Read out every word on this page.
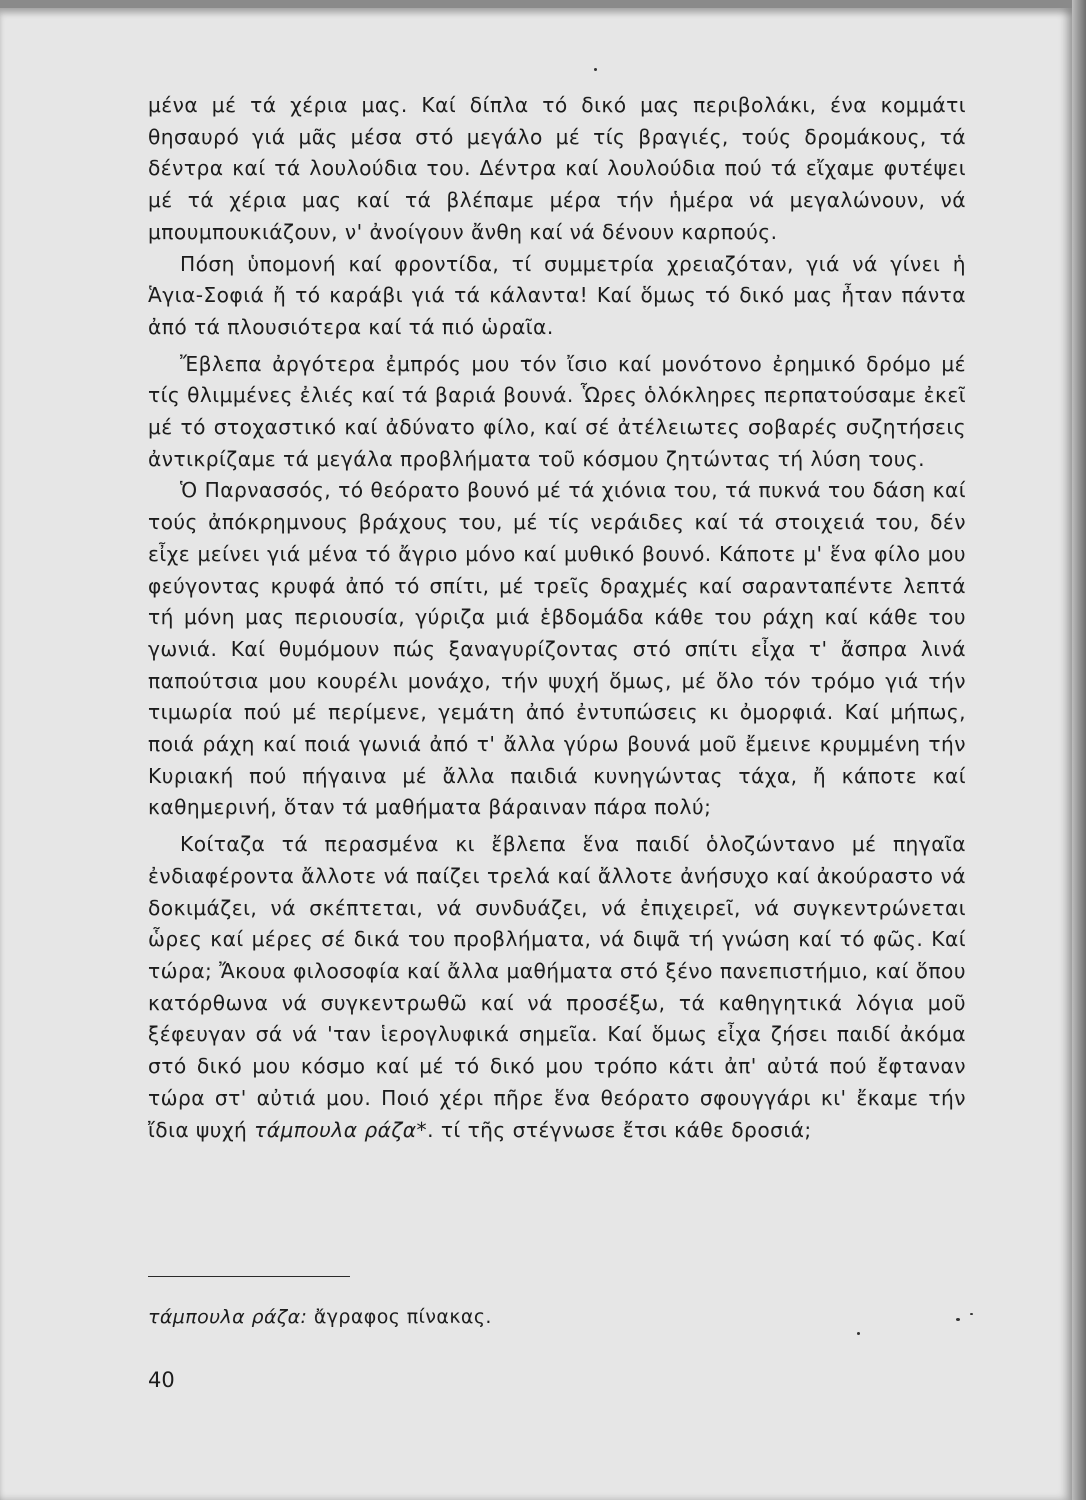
μένα μέ τά χέρια μας. Καί δίπλα τό δικό μας περιβολάκι, ένα κομμάτι θησαυρό γιά μᾶς μέσα στό μεγάλο μέ τίς βραγιές, τούς δρομάκους, τά δέντρα καί τά λουλούδια του. Δέντρα καί λουλούδια πού τά εἴχαμε φυτέψει μέ τά χέρια μας καί τά βλέπαμε μέρα τήν ἡμέρα νά μεγαλώνουν, νά μπουμπουκιάζουν, ν' ἀνοίγουν ἄνθη καί νά δένουν καρπούς.

Πόση ὑπομονή καί φροντίδα, τί συμμετρία χρειαζόταν, γιά νά γίνει ἡ Ἁγια-Σοφιά ἤ τό καράβι γιά τά κάλαντα! Καί ὅμως τό δικό μας ἦταν πάντα ἀπό τά πλουσιότερα καί τά πιό ὡραῖα.

Ἔβλεπα ἀργότερα ἐμπρός μου τόν ἴσιο καί μονότονο ἐρημικό δρόμο μέ τίς θλιμμένες ἐλιές καί τά βαριά βουνά. Ὧρες ὁλόκληρες περπατούσαμε ἐκεῖ μέ τό στοχαστικό καί ἀδύνατο φίλο, καί σέ ἀτέλειωτες σοβαρές συζητήσεις ἀντικρίζαμε τά μεγάλα προβλήματα τοῦ κόσμου ζητώντας τή λύση τους.

Ὁ Παρνασσός, τό θεόρατο βουνό μέ τά χιόνια του, τά πυκνά του δάση καί τούς ἀπόκρημνους βράχους του, μέ τίς νεράιδες καί τά στοιχειά του, δέν εἶχε μείνει γιά μένα τό ἄγριο μόνο καί μυθικό βουνό. Κάποτε μ' ἕνα φίλο μου φεύγοντας κρυφά ἀπό τό σπίτι, μέ τρεῖς δραχμές καί σαρανταπέντε λεπτά τή μόνη μας περιουσία, γύριζα μιά ἑβδομάδα κάθε του ράχη καί κάθε του γωνιά. Καί θυμόμουν πώς ξαναγυρίζοντας στό σπίτι εἶχα τ' ἄσπρα λινά παπούτσια μου κουρέλι μονάχο, τήν ψυχή ὅμως, μέ ὅλο τόν τρόμο γιά τήν τιμωρία πού μέ περίμενε, γεμάτη ἀπό ἐντυπώσεις κι ὀμορφιά. Καί μήπως, ποιά ράχη καί ποιά γωνιά ἀπό τ' ἄλλα γύρω βουνά μοῦ ἔμεινε κρυμμένη τήν Κυριακή πού πήγαινα μέ ἄλλα παιδιά κυνηγώντας τάχα, ἤ κάποτε καί καθημερινή, ὅταν τά μαθήματα βάραιναν πάρα πολύ;

Κοίταζα τά περασμένα κι ἔβλεπα ἕνα παιδί ὁλοζώντανο μέ πηγαῖα ἐνδιαφέροντα ἄλλοτε νά παίζει τρελά καί ἄλλοτε ἀνήσυχο καί ἀκούραστο νά δοκιμάζει, νά σκέπτεται, νά συνδυάζει, νά ἐπιχειρεῖ, νά συγκεντρώνεται ὧρες καί μέρες σέ δικά του προβλήματα, νά διψᾶ τή γνώση καί τό φῶς. Καί τώρα; Ἄκουα φιλοσοφία καί ἄλλα μαθήματα στό ξένο πανεπιστήμιο, καί ὅπου κατόρθωνα νά συγκεντρωθῶ καί νά προσέξω, τά καθηγητικά λόγια μοῦ ξέφευγαν σά νά 'ταν ἱερογλυφικά σημεῖα. Καί ὅμως εἶχα ζήσει παιδί ἀκόμα στό δικό μου κόσμο καί μέ τό δικό μου τρόπο κάτι ἀπ' αὐτά πού ἔφταναν τώρα στ' αὐτιά μου. Ποιό χέρι πῆρε ἕνα θεόρατο σφουγγάρι κι' ἔκαμε τήν ἴδια ψυχή τάμπουλα ράζα*. τί τῆς στέγνωσε ἔτσι κάθε δροσιά;

τάμπουλα ράζα: ἄγραφος πίνακας.
40
